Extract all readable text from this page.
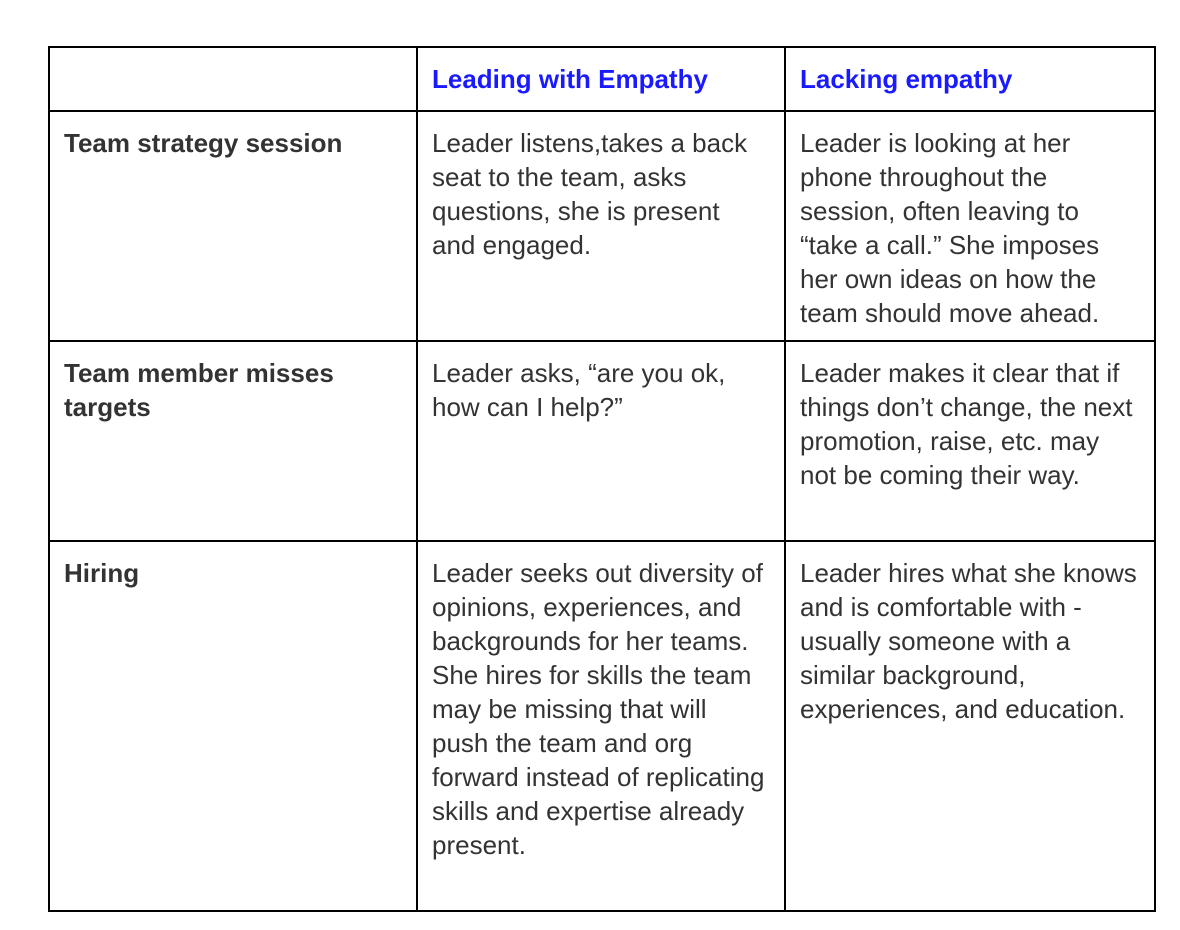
	Leading with Empathy	Lacking empathy
Team strategy session	Leader listens,takes a back seat to the team, asks questions, she is present and engaged.	Leader is looking at her phone throughout the session, often leaving to “take a call.” She imposes her own ideas on how the team should move ahead.
Team member misses targets	Leader asks, “are you ok, how can I help?”	Leader makes it clear that if things don’t change, the next promotion, raise, etc. may not be coming their way.
Hiring	Leader seeks out diversity of opinions, experiences, and backgrounds for her teams. She hires for skills the team may be missing that will push the team and org forward instead of replicating skills and expertise already present.	Leader hires what she knows and is comfortable with - usually someone with a similar background, experiences, and education.
